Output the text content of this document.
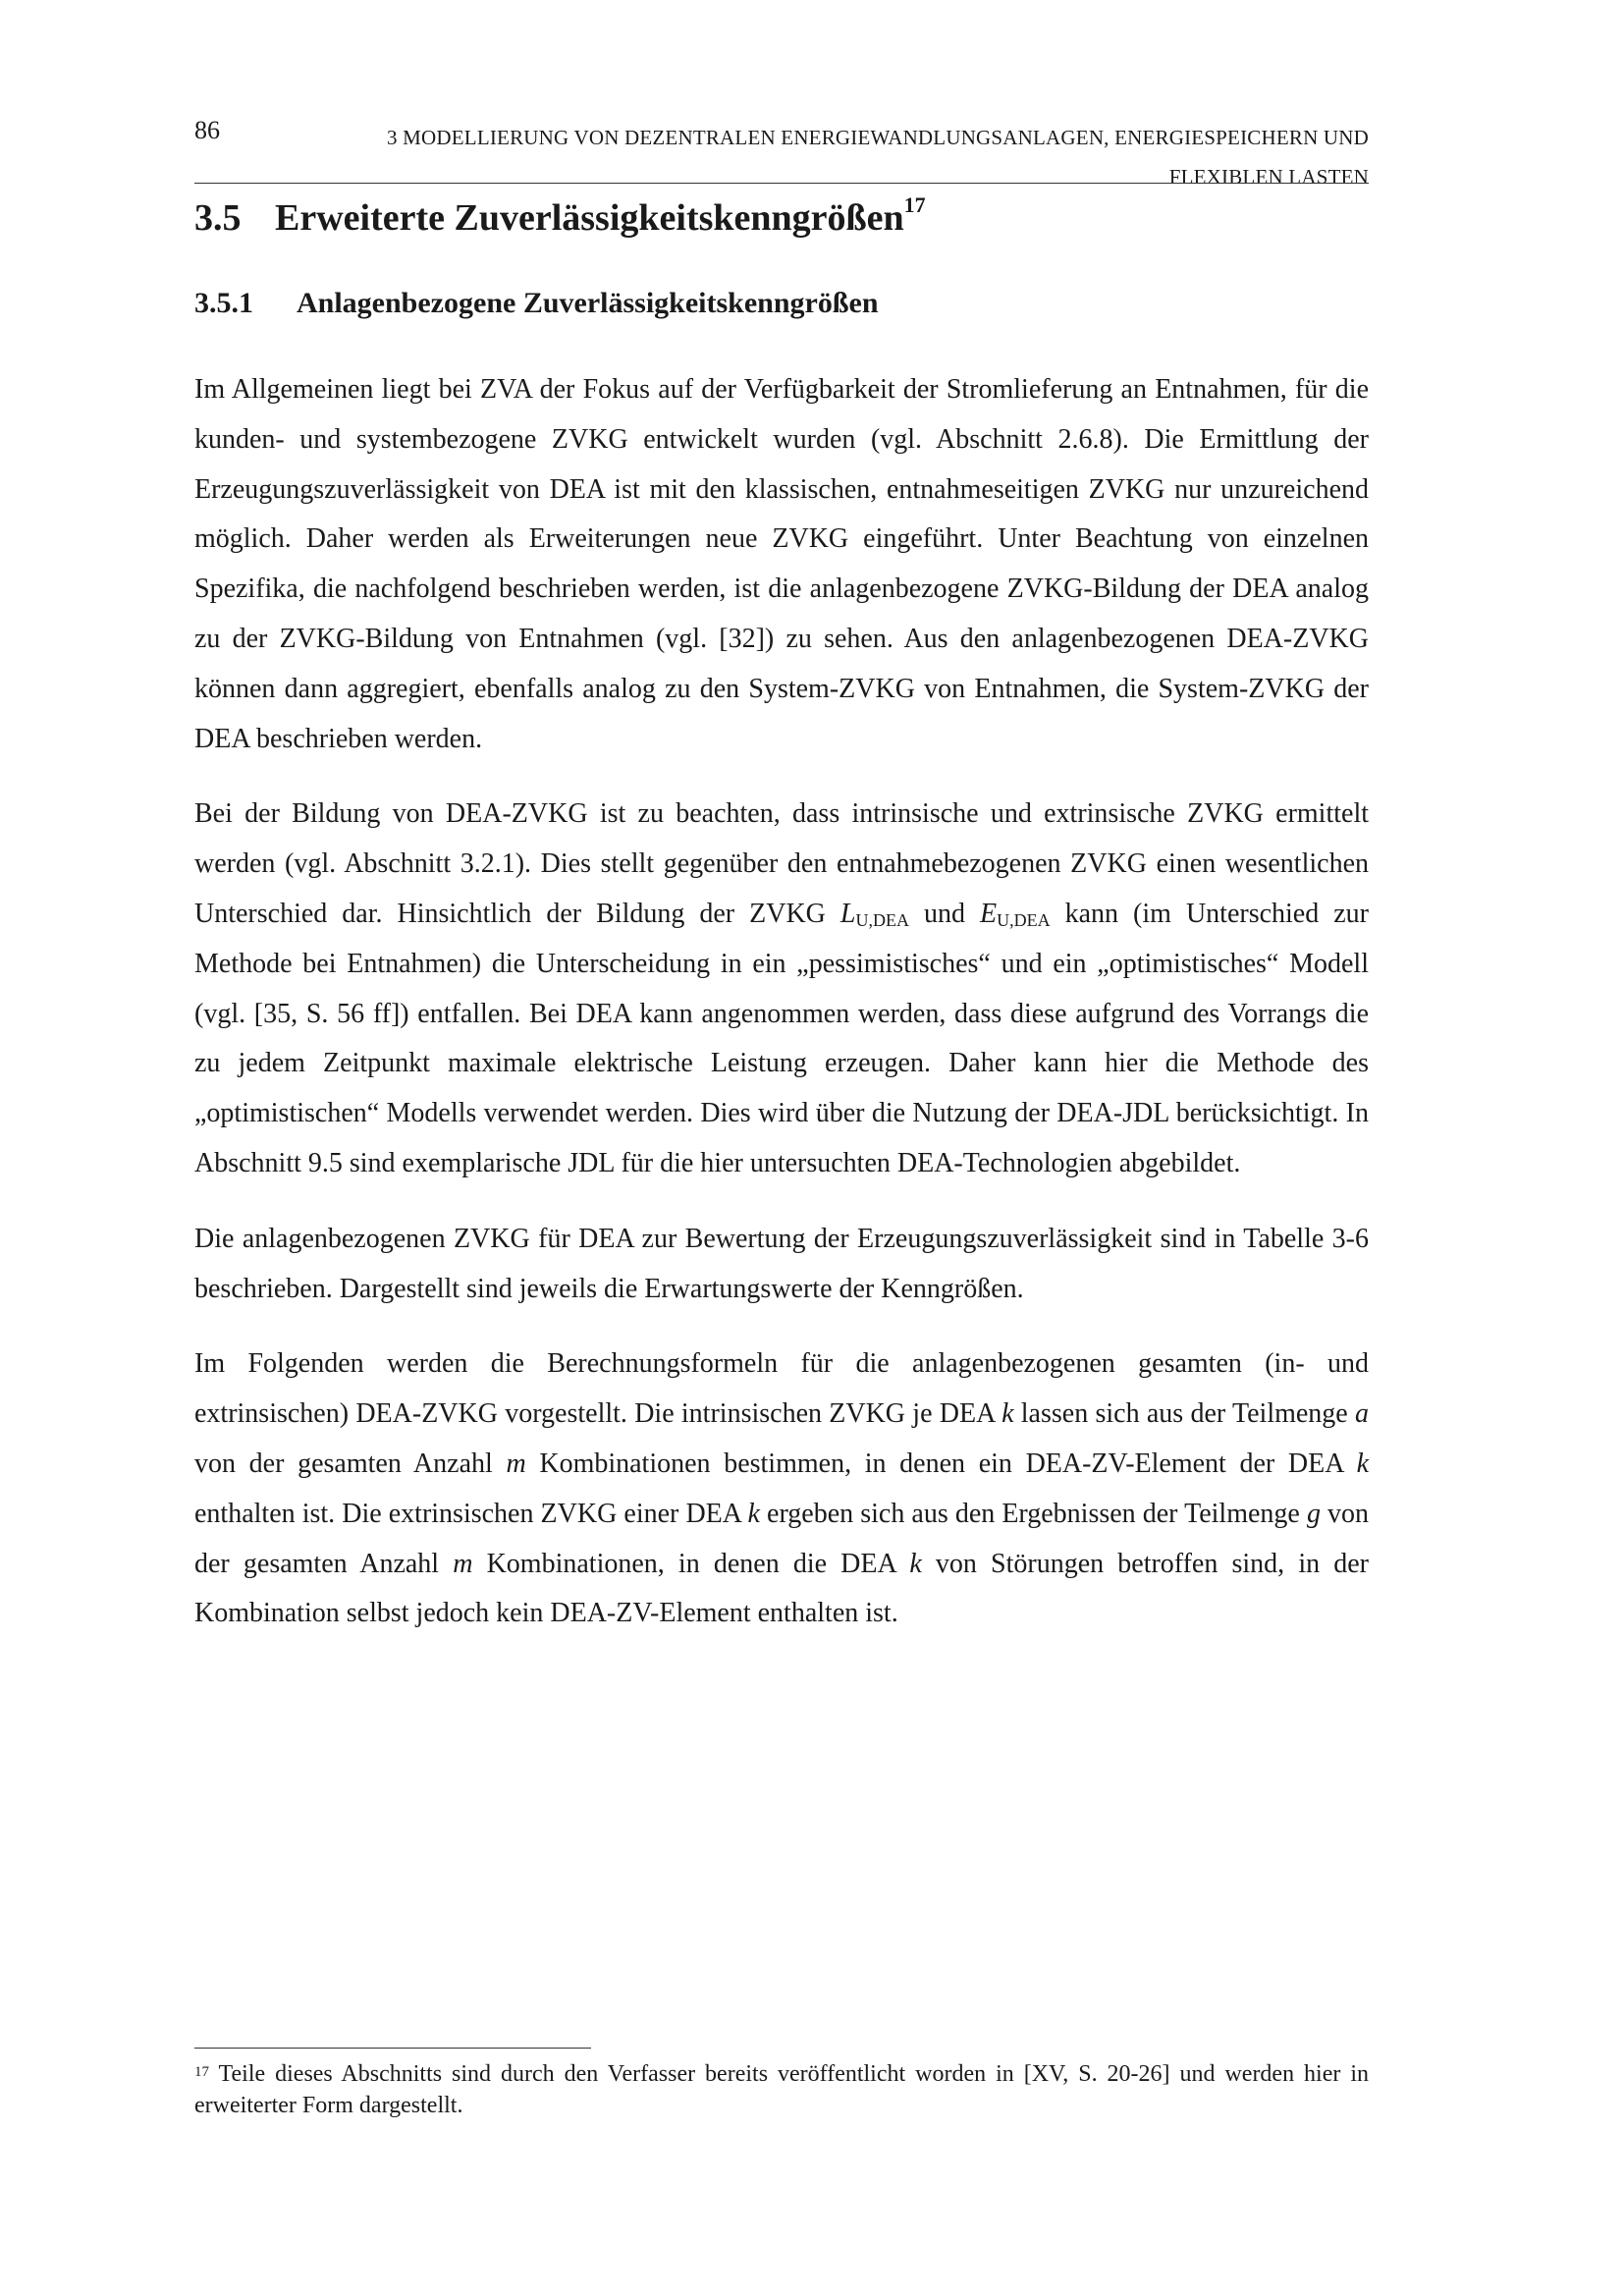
86	3 MODELLIERUNG VON DEZENTRALEN ENERGIEWANDLUNGSANLAGEN, ENERGIESPEICHERN UND
FLEXIBLEN LASTEN
3.5 Erweiterte Zuverlässigkeitskenngrößen$^{17}$
3.5.1 Anlagenbezogene Zuverlässigkeitskenngrößen

Im Allgemeinen liegt bei ZVA der Fokus auf der Verfügbarkeit der Stromlieferung an Entnahmen, für die kunden- und systembezogene ZVKG entwickelt wurden (vgl. Abschnitt 2.6.8). Die Ermittlung der Erzeugungszuverlässigkeit von DEA ist mit den klassischen, entnahmeseitigen ZVKG nur unzureichend möglich. Daher werden als Erweiterungen neue ZVKG eingeführt. Unter Beachtung von einzelnen Spezifika, die nachfolgend beschrieben werden, ist die anlagenbezogene ZVKG-Bildung der DEA analog zu der ZVKG-Bildung von Entnahmen (vgl. [32]) zu sehen. Aus den anlagenbezogenen DEA-ZVKG können dann aggregiert, ebenfalls analog zu den System-ZVKG von Entnahmen, die System-ZVKG der DEA beschrieben werden.

Bei der Bildung von DEA-ZVKG ist zu beachten, dass intrinsische und extrinsische ZVKG ermittelt werden (vgl. Abschnitt 3.2.1). Dies stellt gegenüber den entnahmebezogenen ZVKG einen wesentlichen Unterschied dar. Hinsichtlich der Bildung der ZVKG $L_{U,DEA}$ und $E_{U,DEA}$ kann (im Unterschied zur Methode bei Entnahmen) die Unterscheidung in ein „pessimistisches“ und ein „optimistisches“ Modell (vgl. [35, S. 56 ff]) entfallen. Bei DEA kann angenommen werden, dass diese aufgrund des Vorrangs die zu jedem Zeitpunkt maximale elektrische Leistung erzeugen. Daher kann hier die Methode des „optimistischen“ Modells verwendet werden. Dies wird über die Nutzung der DEA-JDL berücksichtigt. In Abschnitt 9.5 sind exemplarische JDL für die hier untersuchten DEA-Technologien abgebildet.

Die anlagenbezogenen ZVKG für DEA zur Bewertung der Erzeugungszuverlässigkeit sind in Tabelle 3-6 beschrieben. Dargestellt sind jeweils die Erwartungswerte der Kenngrößen.

Im Folgenden werden die Berechnungsformeln für die anlagenbezogenen gesamten (in- und extrinsischen) DEA-ZVKG vorgestellt. Die intrinsischen ZVKG je DEA k lassen sich aus der Teilmenge a von der gesamten Anzahl m Kombinationen bestimmen, in denen ein DEA-ZV-Element der DEA k enthalten ist. Die extrinsischen ZVKG einer DEA k ergeben sich aus den Ergebnissen der Teilmenge g von der gesamten Anzahl m Kombinationen, in denen die DEA k von Störungen betroffen sind, in der Kombination selbst jedoch kein DEA-ZV-Element enthalten ist.

$^{17}$ Teile dieses Abschnitts sind durch den Verfasser bereits veröffentlicht worden in [XV, S. 20-26] und werden hier in erweiterter Form dargestellt.
